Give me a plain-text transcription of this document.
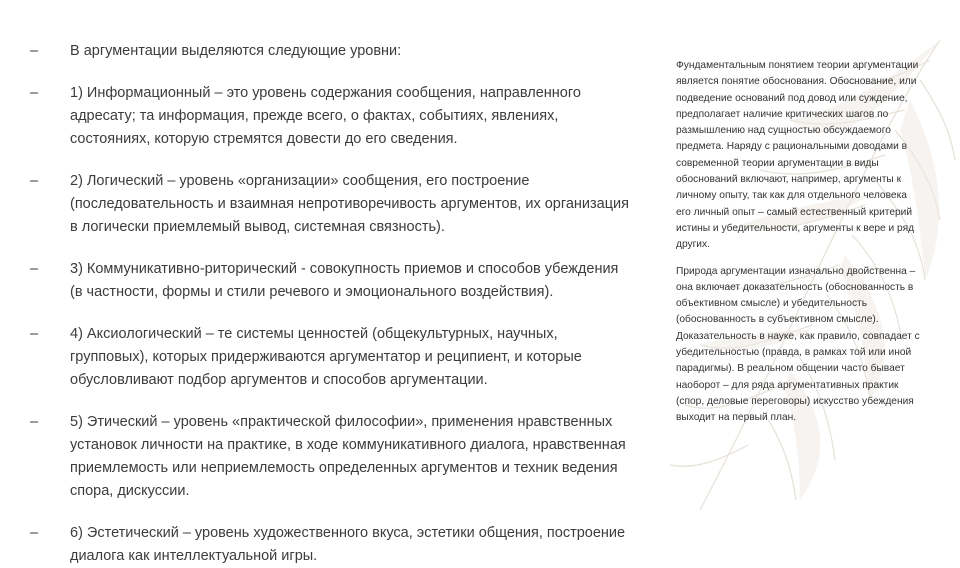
–	В аргументации выделяются следующие уровни:
–	1) Информационный – это уровень содержания сообщения, направленного адресату; та информация, прежде всего, о фактах, событиях, явлениях, состояниях, которую стремятся довести до его сведения.
–	2) Логический – уровень «организации» сообщения, его построение (последовательность и взаимная непротиворечивость аргументов, их организация в логически приемлемый вывод, системная связность).
–	3) Коммуникативно-риторический - совокупность приемов и способов убеждения (в частности, формы и стили речевого и эмоционального воздействия).
–	4) Аксиологический – те системы ценностей (общекультурных, научных, групповых), которых придерживаются аргументатор и реципиент, и которые обусловливают подбор аргументов и способов аргументации.
–	5) Этический – уровень «практической философии», применения нравственных установок личности на практике, в ходе коммуникативного диалога, нравственная приемлемость или неприемлемость определенных аргументов и техник ведения спора, дискуссии.
–	6) Эстетический – уровень художественного вкуса, эстетики общения, построение диалога как интеллектуальной игры.

Фундаментальным понятием теории аргументации является понятие обоснования. Обоснование, или подведение оснований под довод или суждение, предполагает наличие критических шагов по размышлению над сущностью обсуждаемого предмета. Наряду с рациональными доводами в современной теории аргументации в виды обоснований включают, например, аргументы к личному опыту, так как для отдельного человека его личный опыт – самый естественный критерий истины и убедительности, аргументы к вере и ряд других.

Природа аргументации изначально двойственна – она включает доказательность (обоснованность в объективном смысле) и убедительность (обоснованность в субъективном смысле). Доказательность в науке, как правило, совпадает с убедительностью (правда, в рамках той или иной парадигмы). В реальном общении часто бывает наоборот – для ряда аргументативных практик (спор, деловые переговоры) искусство убеждения выходит на первый план.
